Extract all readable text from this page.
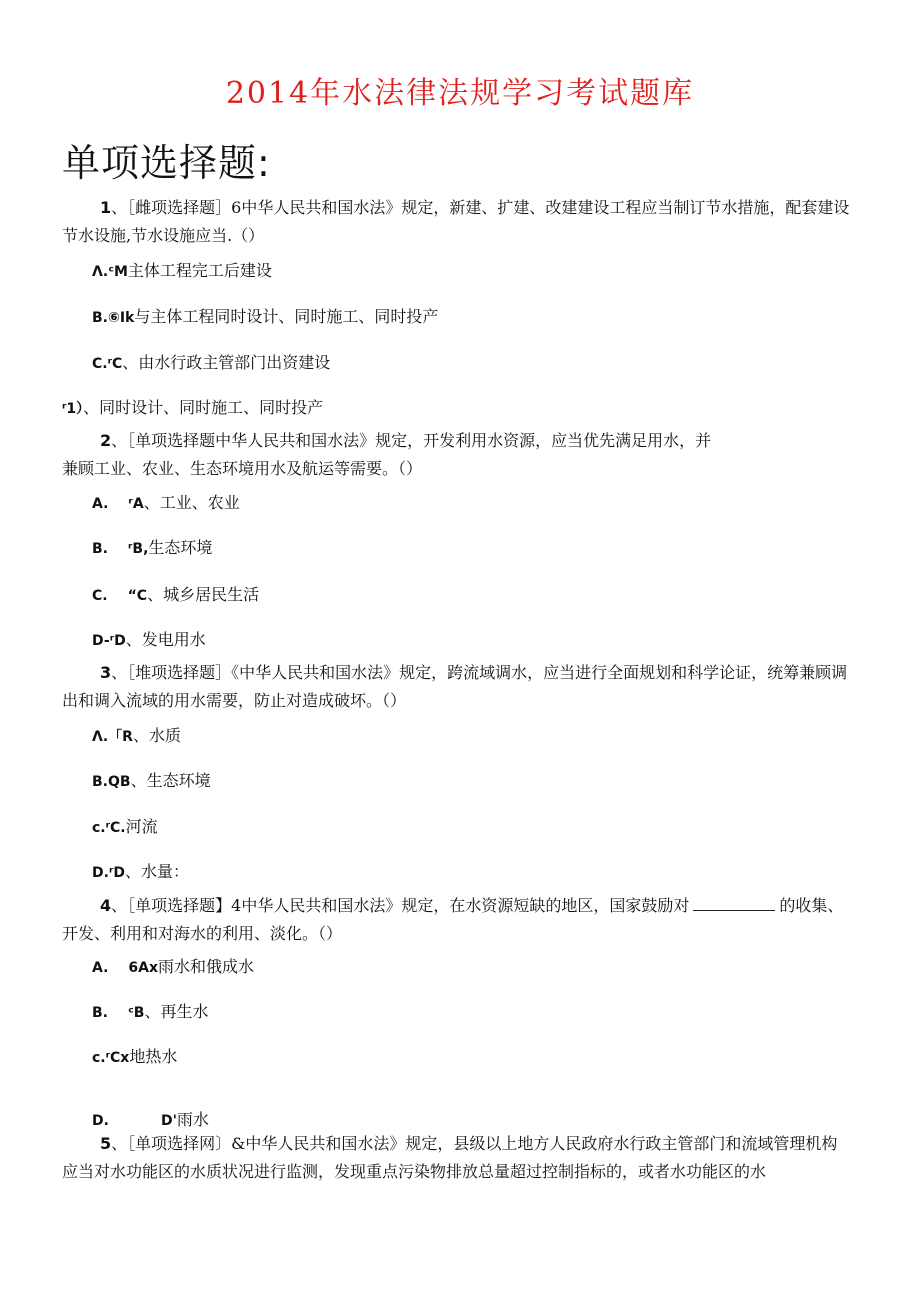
2014年水法律法规学习考试题库
单项选择题:
1、［雌项选择题］6中华人民共和国水法》规定，新建、扩建、改建建设工程应当制订节水措施，配套建设节水设施,节水设施应当.（）
Λ.ᶜM主体工程完工后建设
B.⑥Ik与主体工程同时设计、同时施工、同时投产
C.ʳC、由水行政主管部门出资建设
ʳ1）、同时设计、同时施工、同时投产
2、［单项选择题中华人民共和国水法》规定，开发利用水资源，应当优先满足用水，并
兼顾工业、农业、生态环境用水及航运等需要。（）
A. ʳA、工业、农业
B. ʳB,生态环境
C. “C、城乡居民生活
D-ʳD、发电用水
3、［堆项选择题］《中华人民共和国水法》规定，跨流域调水，应当进行全面规划和科学论证，统筹兼顾调出和调入流域的用水需要，防止对造成破坏。（）
Λ.「R、水质
B.QB、生态环境
c.ʳC.河流
D.ʳD、水量：
4、［单项选择题】4中华人民共和国水法》规定，在水资源短缺的地区，国家鼓励对	的收集、开发、利用和对海水的利用、淡化。（）
A. 6Ax雨水和俄成水
B. ᶜB、再生水
c.ʳCx地热水
D.	D'雨水
5、［单项选择网〕&中华人民共和国水法》规定，县级以上地方人民政府水行政主管部门和流域管理机构应当对水功能区的水质状况进行监测，发现重点污染物排放总量超过控制指标的，或者水功能区的水
